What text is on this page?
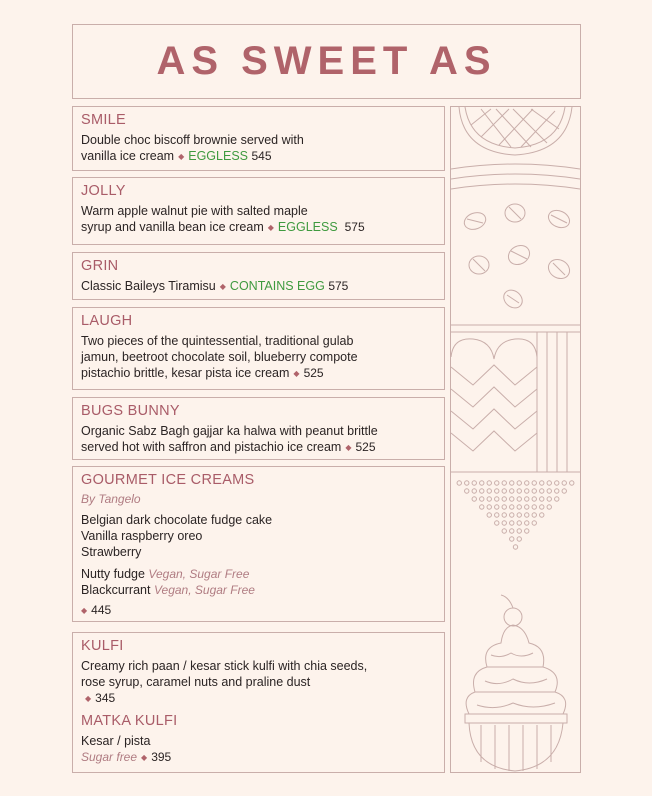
AS SWEET AS
SMILE
Double choc biscoff brownie served with
vanilla ice cream ◆ EGGLESS 545
JOLLY
Warm apple walnut pie with salted maple
syrup and vanilla bean ice cream ◆ EGGLESS 575
GRIN
Classic Baileys Tiramisu ◆ CONTAINS EGG 575
LAUGH
Two pieces of the quintessential, traditional gulab
jamun, beetroot chocolate soil, blueberry compote
pistachio brittle, kesar pista ice cream ◆ 525
BUGS BUNNY
Organic Sabz Bagh gajjar ka halwa with peanut brittle
served hot with saffron and pistachio ice cream ◆ 525
GOURMET ICE CREAMS
By Tangelo
Belgian dark chocolate fudge cake
Vanilla raspberry oreo
Strawberry
Nutty fudge Vegan, Sugar Free
Blackcurrant Vegan, Sugar Free
◆ 445
KULFI
Creamy rich paan / kesar stick kulfi with chia seeds,
rose syrup, caramel nuts and praline dust
◆ 345
MATKA KULFI
Kesar / pista
Sugar free ◆ 395
